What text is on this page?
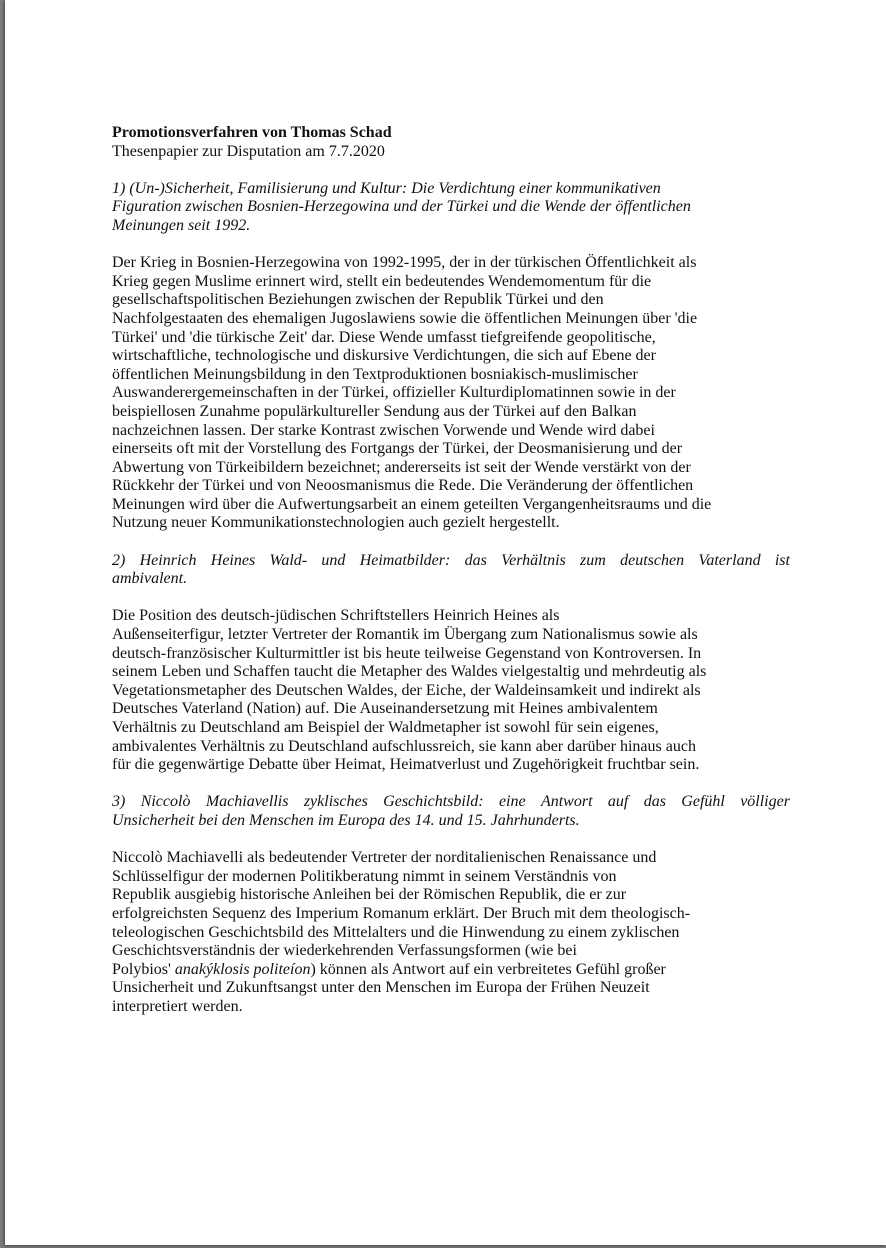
Promotionsverfahren von Thomas Schad

Thesenpapier zur Disputation am 7.7.2020

1) (Un-)Sicherheit, Familisierung und Kultur: Die Verdichtung einer kommunikativen
Figuration zwischen Bosnien-Herzegowina und der Türkei und die Wende der öffentlichen
Meinungen seit 1992.
Der Krieg in Bosnien-Herzegowina von 1992-1995, der in der türkischen Öffentlichkeit als
Krieg gegen Muslime erinnert wird, stellt ein bedeutendes Wendemomentum für die
gesellschaftspolitischen Beziehungen zwischen der Republik Türkei und den
Nachfolgestaaten des ehemaligen Jugoslawiens sowie die öffentlichen Meinungen über 'die
Türkei' und 'die türkische Zeit' dar. Diese Wende umfasst tiefgreifende geopolitische,
wirtschaftliche, technologische und diskursive Verdichtungen, die sich auf Ebene der
öffentlichen Meinungsbildung in den Textproduktionen bosniakisch-muslimischer
Auswanderergemeinschaften in der Türkei, offizieller Kulturdiplomatinnen sowie in der
beispiellosen Zunahme populärkultureller Sendung aus der Türkei auf den Balkan
nachzeichnen lassen. Der starke Kontrast zwischen Vorwende und Wende wird dabei
einerseits oft mit der Vorstellung des Fortgangs der Türkei, der Deosmanisierung und der
Abwertung von Türkeibildern bezeichnet; andererseits ist seit der Wende verstärkt von der
Rückkehr der Türkei und von Neoosmanismus die Rede. Die Veränderung der öffentlichen
Meinungen wird über die Aufwertungsarbeit an einem geteilten Vergangenheitsraums und die
Nutzung neuer Kommunikationstechnologien auch gezielt hergestellt.
2) Heinrich Heines Wald- und Heimatbilder: das Verhältnis zum deutschen Vaterland ist
ambivalent.
Die Position des deutsch-jüdischen Schriftstellers Heinrich Heines als
Außenseiterfigur, letzter Vertreter der Romantik im Übergang zum Nationalismus sowie als
deutsch-französischer Kulturmittler ist bis heute teilweise Gegenstand von Kontroversen. In
seinem Leben und Schaffen taucht die Metapher des Waldes vielgestaltig und mehrdeutig als
Vegetationsmetapher des Deutschen Waldes, der Eiche, der Waldeinsamkeit und indirekt als
Deutsches Vaterland (Nation) auf. Die Auseinandersetzung mit Heines ambivalentem
Verhältnis zu Deutschland am Beispiel der Waldmetapher ist sowohl für sein eigenes,
ambivalentes Verhältnis zu Deutschland aufschlussreich, sie kann aber darüber hinaus auch
für die gegenwärtige Debatte über Heimat, Heimatverlust und Zugehörigkeit fruchtbar sein.
3) Niccolò Machiavellis zyklisches Geschichtsbild: eine Antwort auf das Gefühl völliger
Unsicherheit bei den Menschen im Europa des 14. und 15. Jahrhunderts.
Niccolò Machiavelli als bedeutender Vertreter der norditalienischen Renaissance und
Schlüsselfigur der modernen Politikberatung nimmt in seinem Verständnis von
Republik ausgiebig historische Anleihen bei der Römischen Republik, die er zur
erfolgreichsten Sequenz des Imperium Romanum erklärt. Der Bruch mit dem theologisch-
teleologischen Geschichtsbild des Mittelalters und die Hinwendung zu einem zyklischen
Geschichtsverständnis der wiederkehrenden Verfassungsformen (wie bei
Polybios' anakýklosis politeíon) können als Antwort auf ein verbreitetes Gefühl großer
Unsicherheit und Zukunftsangst unter den Menschen im Europa der Frühen Neuzeit
interpretiert werden.
